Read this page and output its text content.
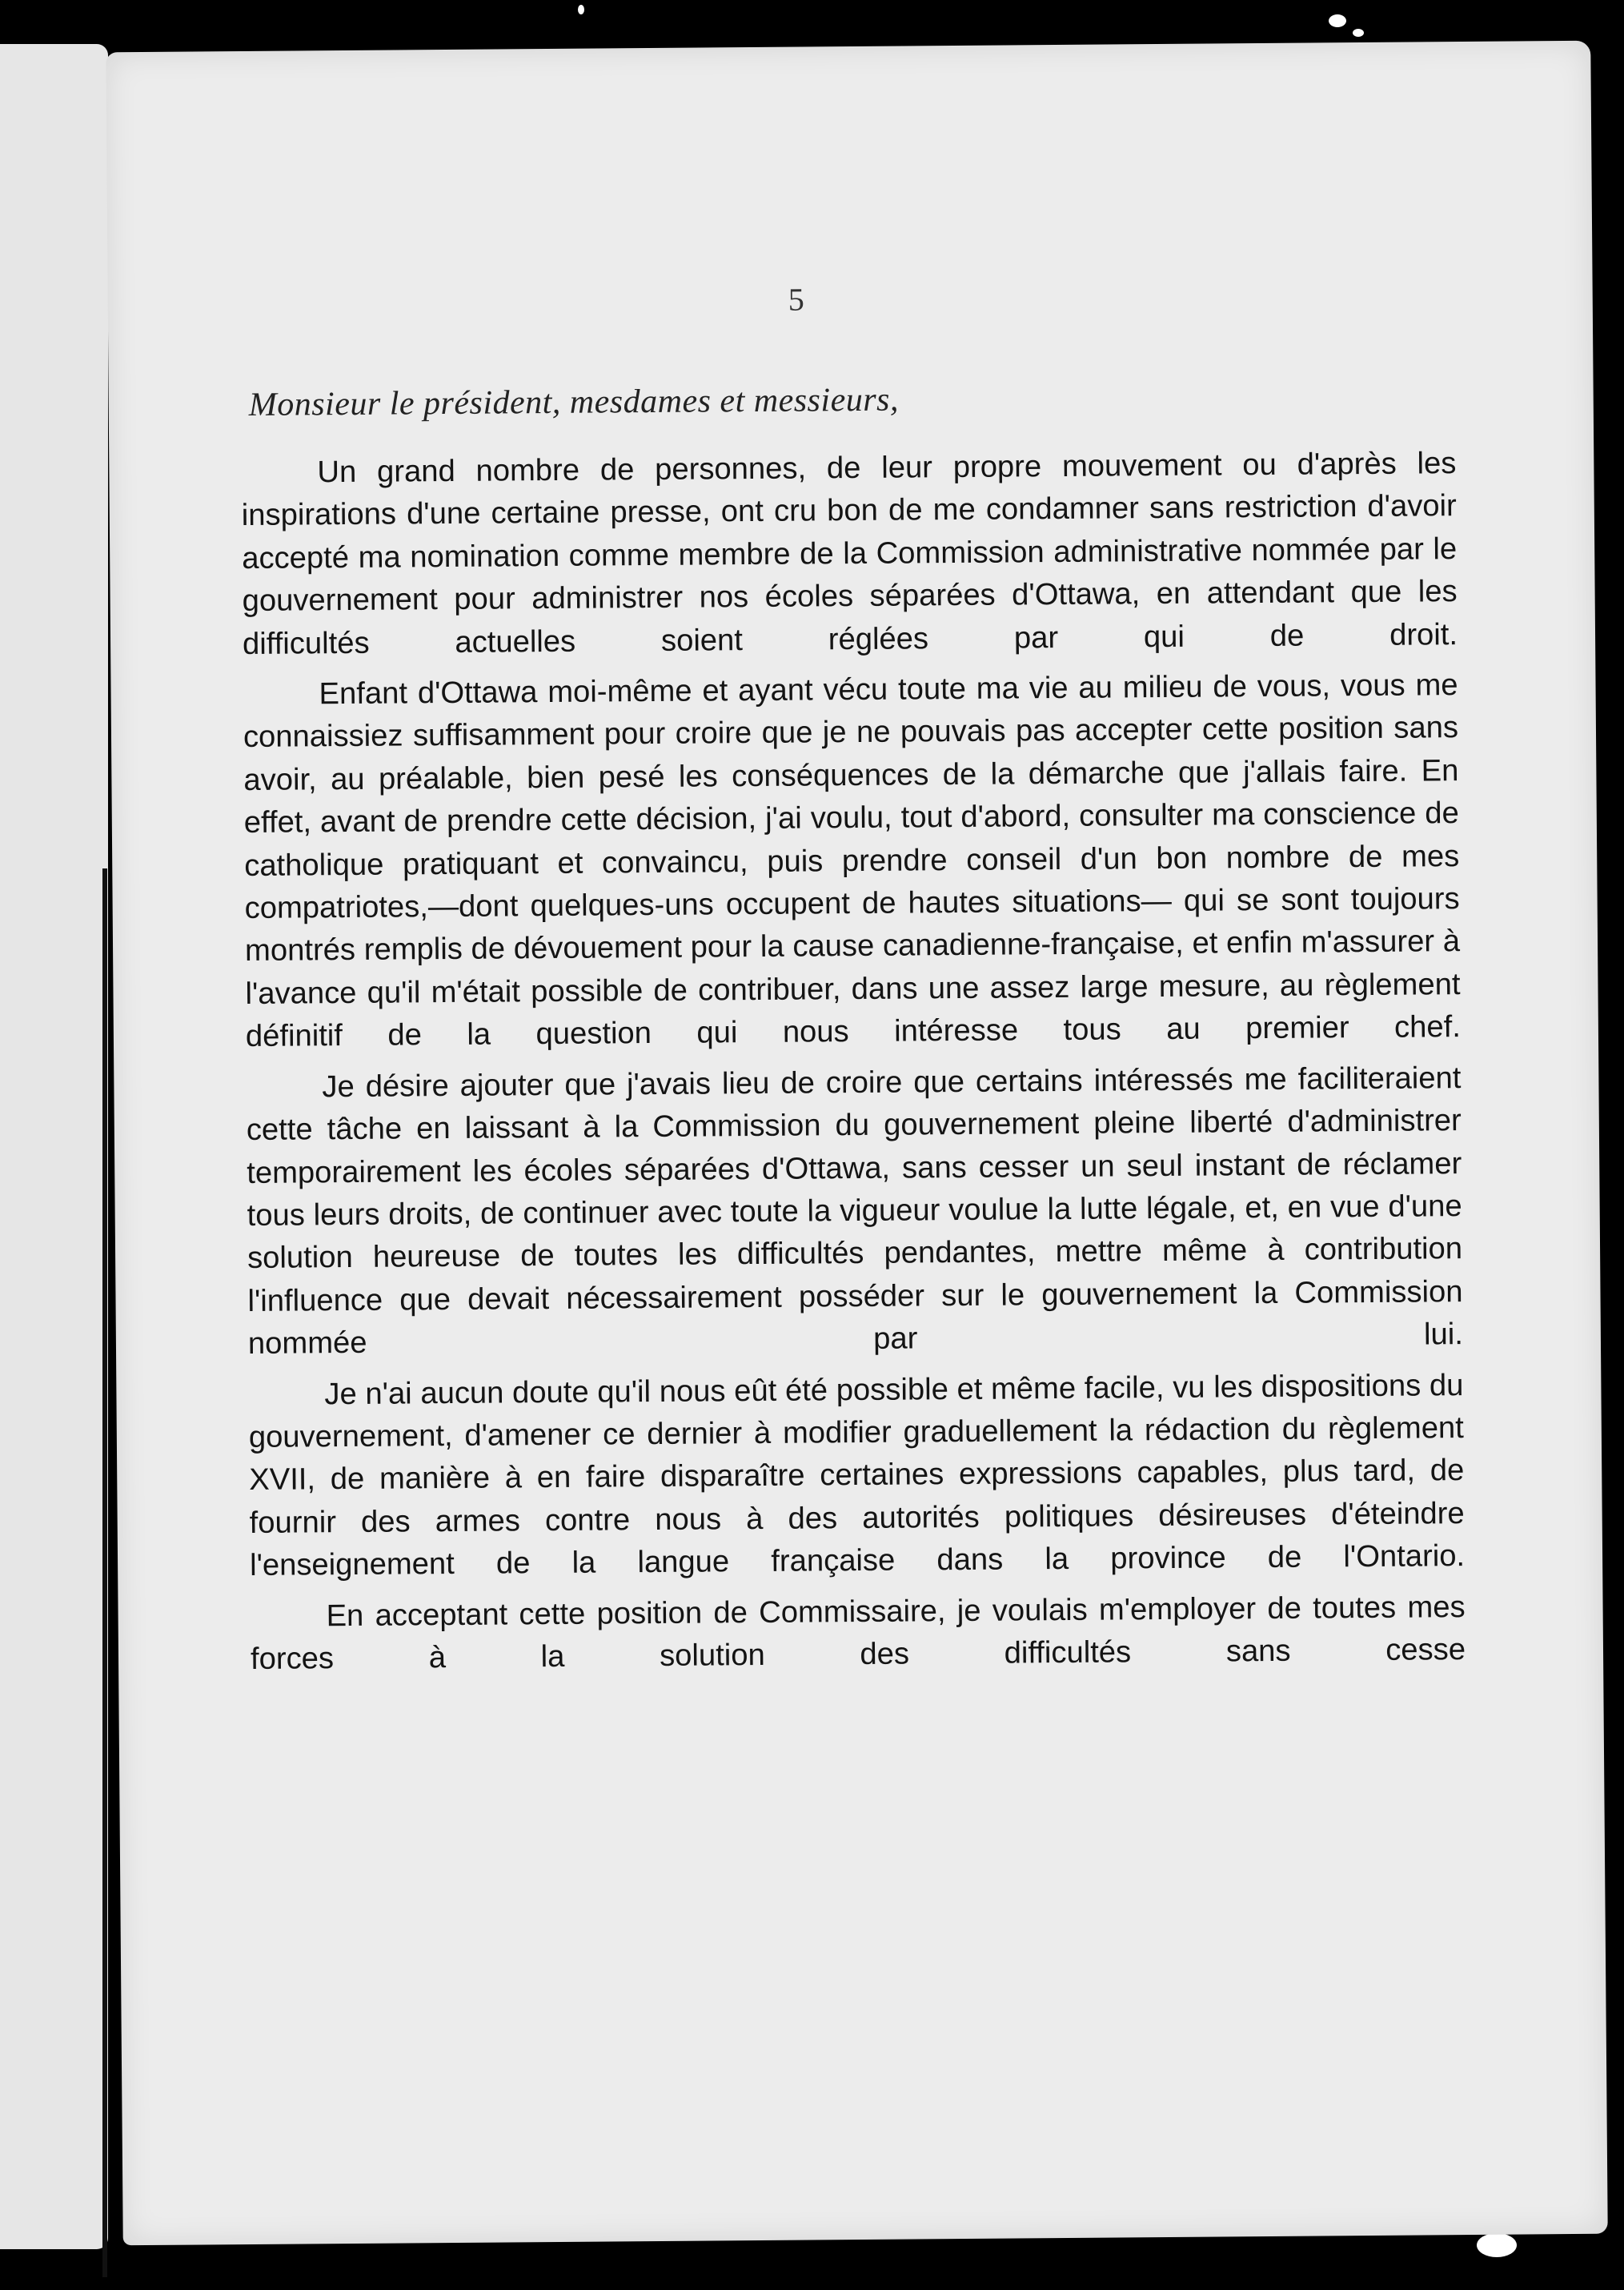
5
Monsieur le président, mesdames et messieurs,

Un grand nombre de personnes, de leur propre mouvement ou d'après les inspirations d'une certaine presse, ont cru bon de me condamner sans restriction d'avoir accepté ma nomination comme membre de la Commission administrative nommée par le gouvernement pour administrer nos écoles séparées d'Ottawa, en attendant que les difficultés actuelles soient réglées par qui de droit.

Enfant d'Ottawa moi-même et ayant vécu toute ma vie au milieu de vous, vous me connaissiez suffisamment pour croire que je ne pouvais pas accepter cette position sans avoir, au préalable, bien pesé les conséquences de la démarche que j'allais faire. En effet, avant de prendre cette décision, j'ai voulu, tout d'abord, consulter ma conscience de catholique pratiquant et convaincu, puis prendre conseil d'un bon nombre de mes compatriotes,—dont quelques-uns occupent de hautes situations— qui se sont toujours montrés remplis de dévouement pour la cause canadienne-française, et enfin m'assurer à l'avance qu'il m'était possible de contribuer, dans une assez large mesure, au règlement définitif de la question qui nous intéresse tous au premier chef.

Je désire ajouter que j'avais lieu de croire que certains intéressés me faciliteraient cette tâche en laissant à la Commission du gouvernement pleine liberté d'administrer temporairement les écoles séparées d'Ottawa, sans cesser un seul instant de réclamer tous leurs droits, de continuer avec toute la vigueur voulue la lutte légale, et, en vue d'une solution heureuse de toutes les difficultés pendantes, mettre même à contribution l'influence que devait nécessairement posséder sur le gouvernement la Commission nommée par lui.

Je n'ai aucun doute qu'il nous eût été possible et même facile, vu les dispositions du gouvernement, d'amener ce dernier à modifier graduellement la rédaction du règlement XVII, de manière à en faire disparaître certaines expressions capables, plus tard, de fournir des armes contre nous à des autorités politiques désireuses d'éteindre l'enseignement de la langue française dans la province de l'Ontario.

En acceptant cette position de Commissaire, je voulais m'employer de toutes mes forces à la solution des difficultés sans cesse
